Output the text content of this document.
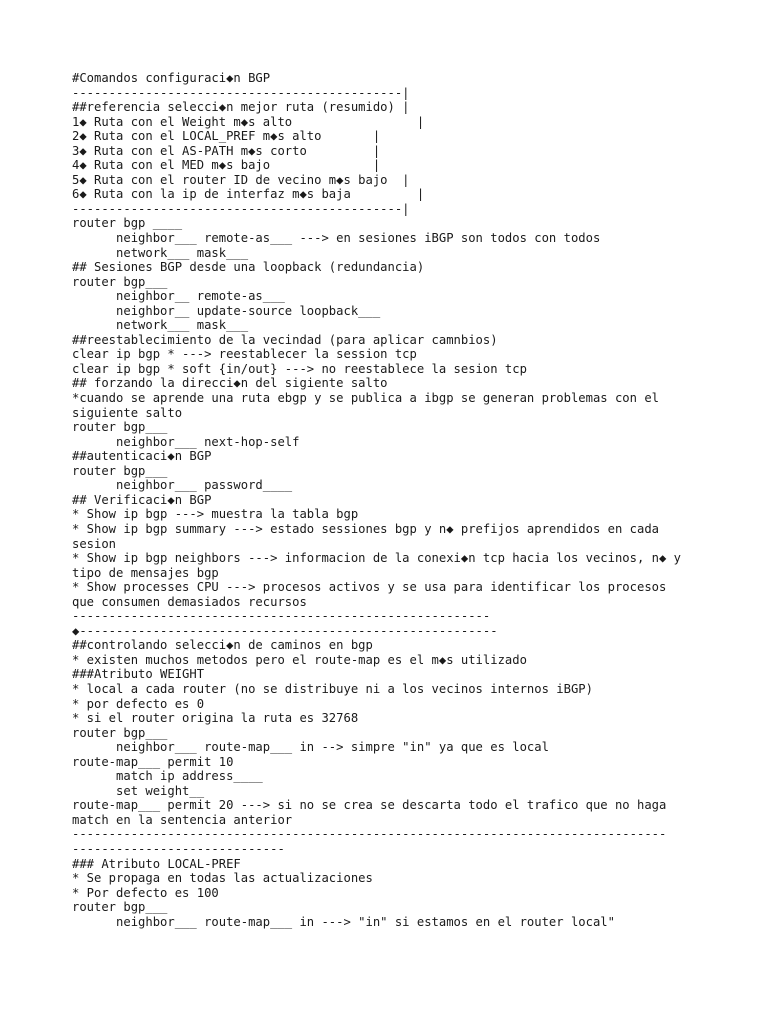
#Comandos configuraci◆n BGP
---------------------------------------------|
##referencia selecci◆n mejor ruta (resumido) |
1◆ Ruta con el Weight m◆s alto                 |
2◆ Ruta con el LOCAL_PREF m◆s alto       |
3◆ Ruta con el AS-PATH m◆s corto         |
4◆ Ruta con el MED m◆s bajo              |
5◆ Ruta con el router ID de vecino m◆s bajo  |
6◆ Ruta con la ip de interfaz m◆s baja         |
---------------------------------------------|
router bgp ____
neighbor___ remote-as___ ---> en sesiones iBGP son todos con todos
network___ mask___
## Sesiones BGP desde una loopback (redundancia)
router bgp___
neighbor__ remote-as___
neighbor__ update-source loopback___
network___ mask___
##reestablecimiento de la vecindad (para aplicar camnbios)
clear ip bgp * ---> reestablecer la session tcp
clear ip bgp * soft {in/out} ---> no reestablece la sesion tcp
## forzando la direcci◆n del sigiente salto
*cuando se aprende una ruta ebgp y se publica a ibgp se generan problemas con el
siguiente salto
router bgp___
neighbor___ next-hop-self
##autenticaci◆n BGP
router bgp___
neighbor___ password____
## Verificaci◆n BGP
* Show ip bgp ---> muestra la tabla bgp
* Show ip bgp summary ---> estado sessiones bgp y n◆ prefijos aprendidos en cada
sesion
* Show ip bgp neighbors ---> informacion de la conexi◆n tcp hacia los vecinos, n◆ y
tipo de mensajes bgp
* Show processes CPU ---> procesos activos y se usa para identificar los procesos
que consumen demasiados recursos
---------------------------------------------------------
◆---------------------------------------------------------
##controlando selecci◆n de caminos en bgp
* existen muchos metodos pero el route-map es el m◆s utilizado
###Atributo WEIGHT
* local a cada router (no se distribuye ni a los vecinos internos iBGP)
* por defecto es 0
* si el router origina la ruta es 32768
router bgp___
neighbor___ route-map___ in --> simpre "in" ya que es local
route-map___ permit 10
match ip address____
set weight__
route-map___ permit 20 ---> si no se crea se descarta todo el trafico que no haga
match en la sentencia anterior
---------------------------------------------------------------------------------
-----------------------------
### Atributo LOCAL-PREF
* Se propaga en todas las actualizaciones
* Por defecto es 100
router bgp___
neighbor___ route-map___ in ---> "in" si estamos en el router local"
